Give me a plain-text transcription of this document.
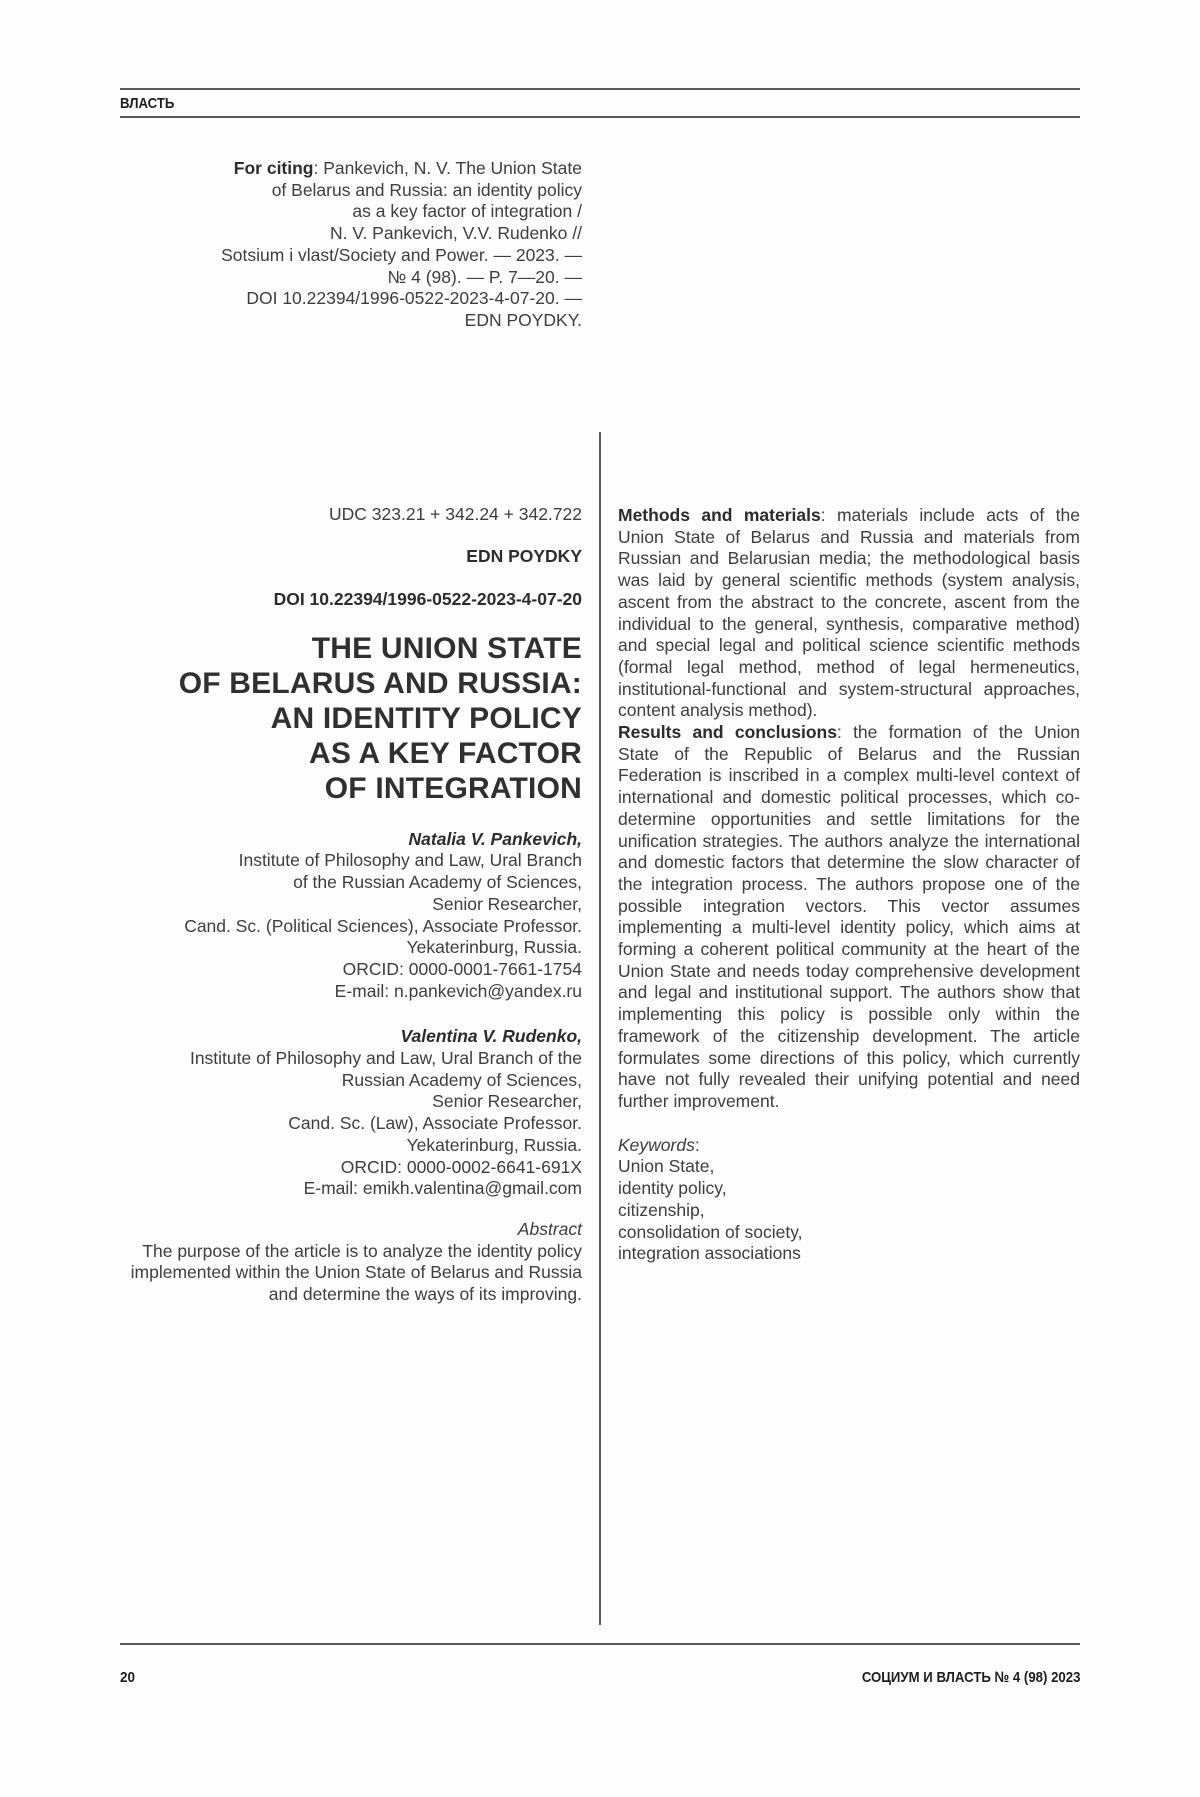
ВЛАСТЬ
For citing: Pankevich, N. V. The Union State
of Belarus and Russia: an identity policy
as a key factor of integration /
N. V. Pankevich, V.V. Rudenko //
Sotsium i vlast/Society and Power. — 2023. —
№ 4 (98). — P. 7—20. —
DOI 10.22394/1996-0522-2023-4-07-20. —
EDN POYDKY.
UDC 323.21 + 342.24 + 342.722
EDN POYDKY
DOI 10.22394/1996-0522-2023-4-07-20
THE UNION STATE
OF BELARUS AND RUSSIA:
AN IDENTITY POLICY
AS A KEY FACTOR
OF INTEGRATION
Natalia V. Pankevich,
Institute of Philosophy and Law, Ural Branch
of the Russian Academy of Sciences,
Senior Researcher,
Cand. Sc. (Political Sciences), Associate Professor.
Yekaterinburg, Russia.
ORCID: 0000-0001-7661-1754
E-mail: n.pankevich@yandex.ru
Valentina V. Rudenko,
Institute of Philosophy and Law, Ural Branch of the
Russian Academy of Sciences,
Senior Researcher,
Cand. Sc. (Law), Associate Professor.
Yekaterinburg, Russia.
ORCID: 0000-0002-6641-691X
E-mail: emikh.valentina@gmail.com
Abstract
The purpose of the article is to analyze the identity policy implemented within the Union State of Belarus and Russia and determine the ways of its improving.

Methods and materials: materials include acts of the Union State of Belarus and Russia and materials from Russian and Belarusian media; the methodological basis was laid by general scientific methods (system analysis, ascent from the abstract to the concrete, ascent from the individual to the general, synthesis, comparative method) and special legal and political science scientific methods (formal legal method, method of legal hermeneutics, institutional-functional and system-structural approaches, content analysis method).

Results and conclusions: the formation of the Union State of the Republic of Belarus and the Russian Federation is inscribed in a complex multi-level context of international and domestic political processes, which co-determine opportunities and settle limitations for the unification strategies. The authors analyze the international and domestic factors that determine the slow character of the integration process. The authors propose one of the possible integration vectors. This vector assumes implementing a multi-level identity policy, which aims at forming a coherent political community at the heart of the Union State and needs today comprehensive development and legal and institutional support. The authors show that implementing this policy is possible only within the framework of the citizenship development. The article formulates some directions of this policy, which currently have not fully revealed their unifying potential and need further improvement.

Keywords:
Union State,
identity policy,
citizenship,
consolidation of society,
integration associations
20	СОЦИУМ И ВЛАСТЬ № 4 (98) 2023
